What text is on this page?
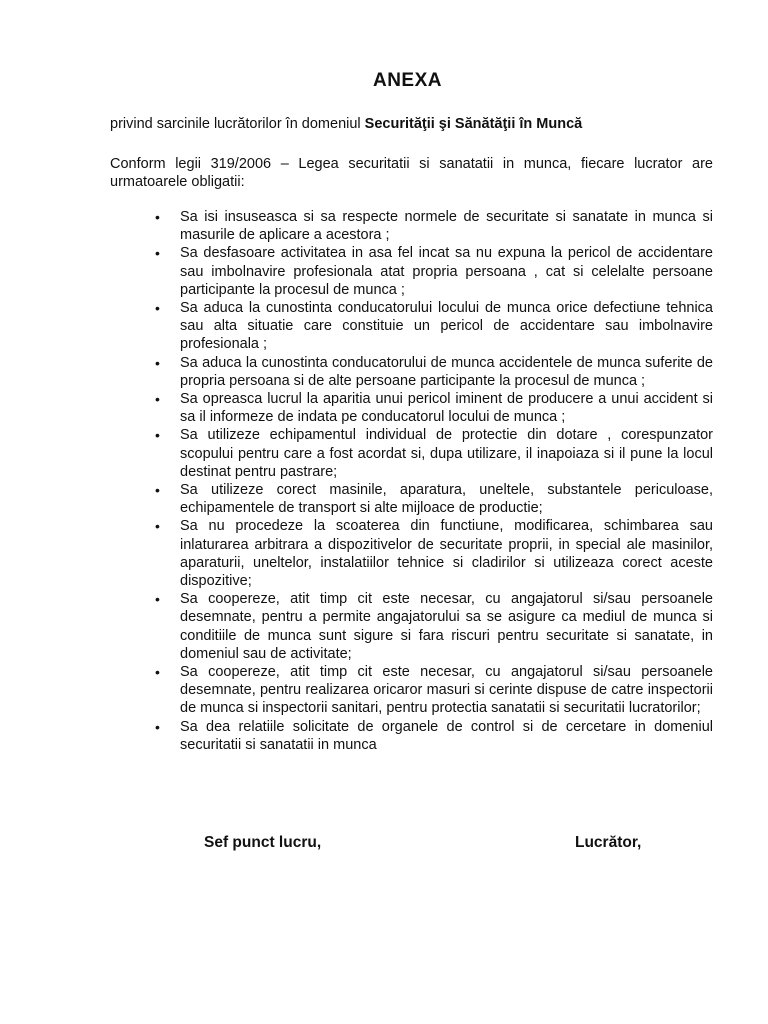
ANEXA
privind sarcinile lucrătorilor în domeniul Securităţii şi Sănătăţii în Muncă
Conform legii 319/2006 – Legea securitatii si sanatatii in munca, fiecare lucrator are urmatoarele obligatii:
• Sa isi insuseasca si sa respecte normele de securitate si sanatate in munca si masurile de aplicare a acestora ;
• Sa desfasoare activitatea in asa fel incat sa nu expuna la pericol de accidentare sau imbolnavire profesionala atat propria persoana , cat si celelalte persoane participante la procesul de munca ;
• Sa aduca la cunostinta conducatorului locului de munca orice defectiune tehnica sau alta situatie care constituie un pericol de accidentare sau imbolnavire profesionala ;
• Sa aduca la cunostinta conducatorului de munca accidentele de munca suferite de propria persoana si de alte persoane participante la procesul de munca ;
• Sa opreasca lucrul la aparitia unui pericol iminent de producere a unui accident si sa il informeze de indata pe conducatorul locului de munca ;
• Sa utilizeze echipamentul individual de protectie din dotare , corespunzator scopului pentru care a fost acordat si, dupa utilizare, il inapoiaza si il pune la locul destinat pentru pastrare;
• Sa utilizeze corect masinile, aparatura, uneltele, substantele periculoase, echipamentele de transport si alte mijloace de productie;
• Sa nu procedeze la scoaterea din functiune, modificarea, schimbarea sau inlaturarea arbitrara a dispozitivelor de securitate proprii, in special ale masinilor, aparaturii, uneltelor, instalatiilor tehnice si cladirilor si utilizeaza corect aceste dispozitive;
• Sa coopereze, atit timp cit este necesar, cu angajatorul si/sau persoanele desemnate, pentru a permite angajatorului sa se asigure ca mediul de munca si conditiile de munca sunt sigure si fara riscuri pentru securitate si sanatate, in domeniul sau de activitate;
• Sa coopereze, atit timp cit este necesar, cu angajatorul si/sau persoanele desemnate, pentru realizarea oricaror masuri si cerinte dispuse de catre inspectorii de munca si inspectorii sanitari, pentru protectia sanatatii si securitatii lucratorilor;
• Sa dea relatiile solicitate de organele de control si de cercetare in domeniul securitatii si sanatatii in munca
Sef punct lucru,	Lucrător,
